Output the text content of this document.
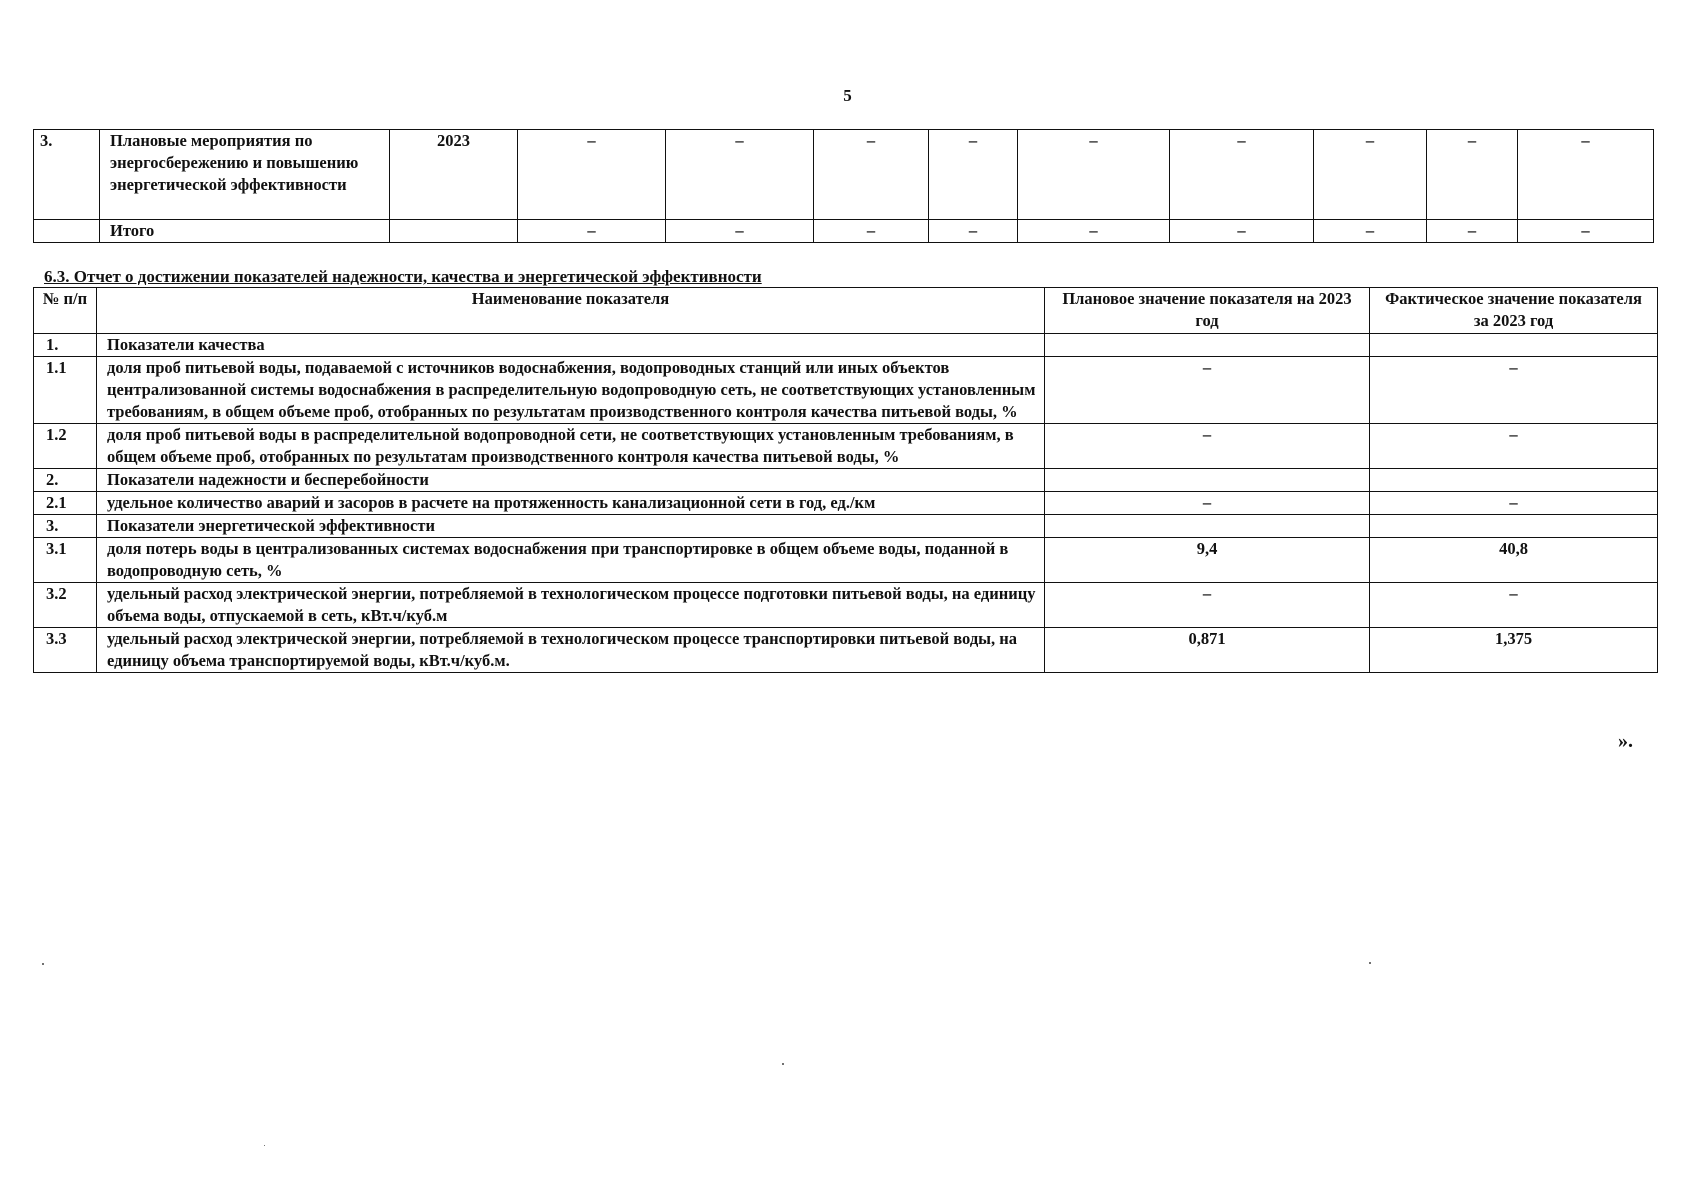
5
3.	Плановые мероприятия по энергосбережению и повышению энергетической эффективности	2023	–	–	–	–	–	–	–	–	–
	Итого		–	–	–	–	–	–	–	–	–
6.3. Отчет о достижении показателей надежности, качества и энергетической эффективности
№ п/п	Наименование показателя	Плановое значение показателя на 2023 год	Фактическое значение показателя за 2023 год
1.	Показатели качества		
1.1	доля проб питьевой воды, подаваемой с источников водоснабжения, водопроводных станций или иных объектов централизованной системы водоснабжения в распределительную водопроводную сеть, не соответствующих установленным требованиям, в общем объеме проб, отобранных по результатам производственного контроля качества питьевой воды, %	–	–
1.2	доля проб питьевой воды в распределительной водопроводной сети, не соответствующих установленным требованиям, в общем объеме проб, отобранных по результатам производственного контроля качества питьевой воды, %	–	–
2.	Показатели надежности и бесперебойности		
2.1	удельное количество аварий и засоров в расчете на протяженность канализационной сети в год, ед./км	–	–
3.	Показатели энергетической эффективности		
3.1	доля потерь воды в централизованных системах водоснабжения при транспортировке в общем объеме воды, поданной в водопроводную сеть, %	9,4	40,8
3.2	удельный расход электрической энергии, потребляемой в технологическом процессе подготовки питьевой воды, на единицу объема воды, отпускаемой в сеть, кВт.ч/куб.м	–	–
3.3	удельный расход электрической энергии, потребляемой в технологическом процессе транспортировки питьевой воды, на единицу объема транспортируемой воды, кВт.ч/куб.м.	0,871	1,375
».
